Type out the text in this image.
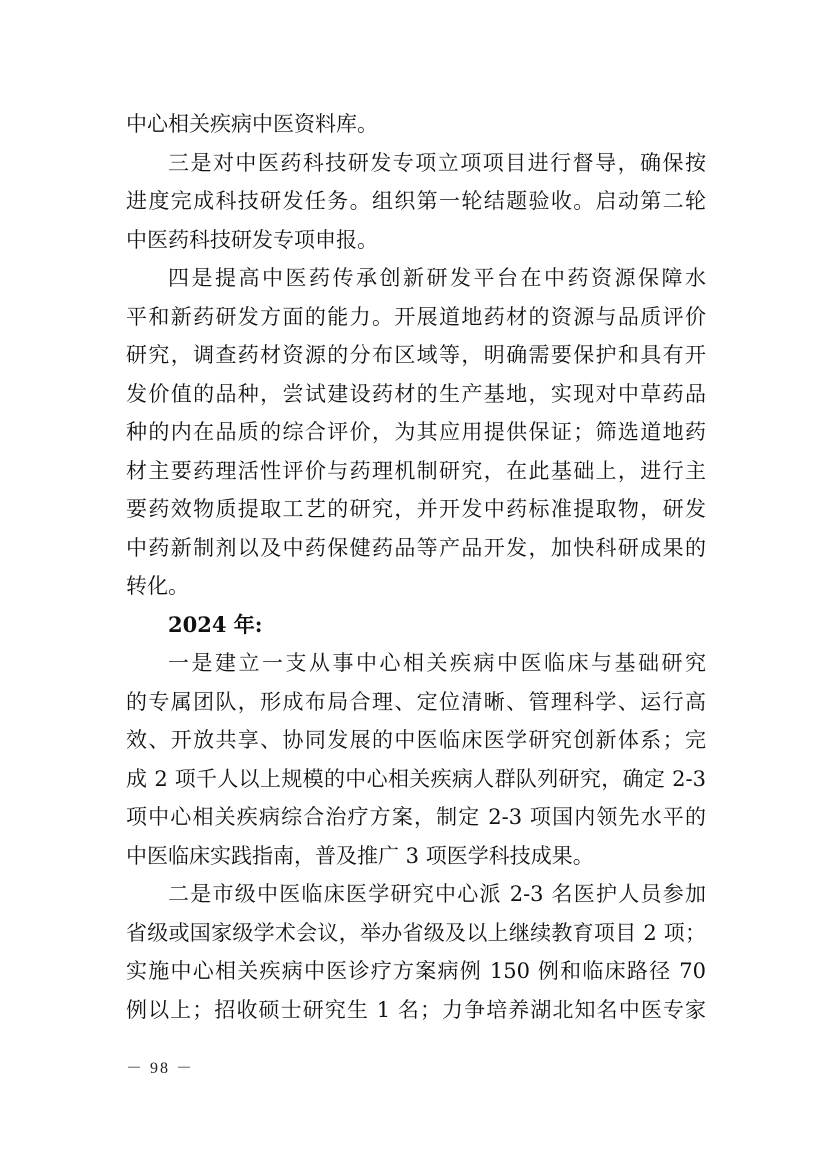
中心相关疾病中医资料库。
三是对中医药科技研发专项立项项目进行督导，确保按
进度完成科技研发任务。组织第一轮结题验收。启动第二轮
中医药科技研发专项申报。
四是提高中医药传承创新研发平台在中药资源保障水
平和新药研发方面的能力。开展道地药材的资源与品质评价
研究，调查药材资源的分布区域等，明确需要保护和具有开
发价值的品种，尝试建设药材的生产基地，实现对中草药品
种的内在品质的综合评价，为其应用提供保证；筛选道地药
材主要药理活性评价与药理机制研究，在此基础上，进行主
要药效物质提取工艺的研究，并开发中药标准提取物，研发
中药新制剂以及中药保健药品等产品开发，加快科研成果的
转化。
2024 年:
一是建立一支从事中心相关疾病中医临床与基础研究
的专属团队，形成布局合理、定位清晰、管理科学、运行高
效、开放共享、协同发展的中医临床医学研究创新体系；完
成 2 项千人以上规模的中心相关疾病人群队列研究，确定 2-3
项中心相关疾病综合治疗方案，制定 2-3 项国内领先水平的
中医临床实践指南，普及推广 3 项医学科技成果。
二是市级中医临床医学研究中心派 2-3 名医护人员参加
省级或国家级学术会议，举办省级及以上继续教育项目 2 项；
实施中心相关疾病中医诊疗方案病例 150 例和临床路径 70
例以上；招收硕士研究生 1 名；力争培养湖北知名中医专家
－ 98 －
